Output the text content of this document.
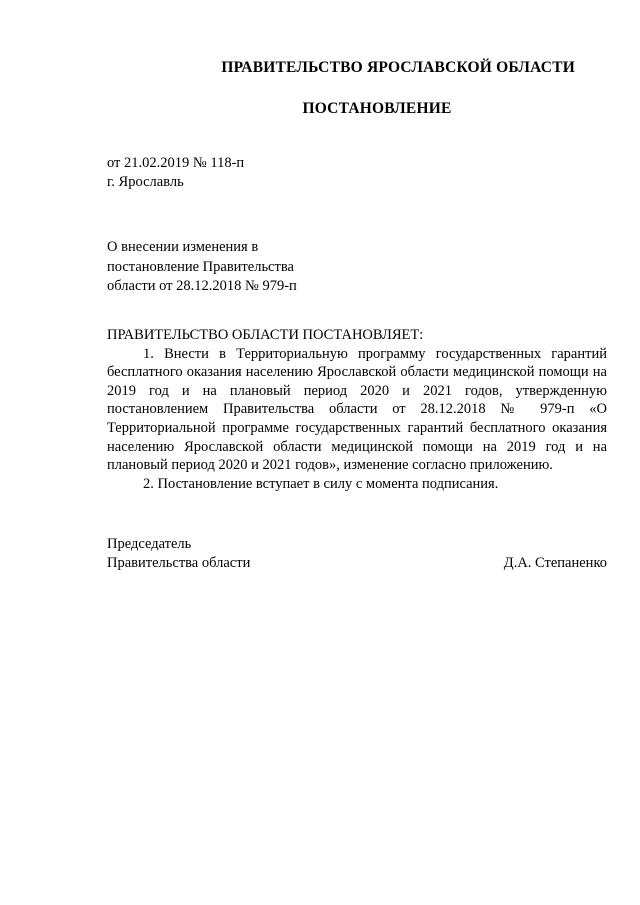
ПРАВИТЕЛЬСТВО ЯРОСЛАВСКОЙ ОБЛАСТИ
ПОСТАНОВЛЕНИЕ
от 21.02.2019 № 118-п
г. Ярославль
О внесении изменения в
постановление Правительства
области от 28.12.2018 № 979-п

ПРАВИТЕЛЬСТВО ОБЛАСТИ ПОСТАНОВЛЯЕТ:

1. Внести в Территориальную программу государственных гарантий бесплатного оказания населению Ярославской области медицинской помощи на 2019 год и на плановый период 2020 и 2021 годов, утвержденную постановлением Правительства области от 28.12.2018 № 979-п «О Территориальной программе государственных гарантий бесплатного оказания населению Ярославской области медицинской помощи на 2019 год и на плановый период 2020 и 2021 годов», изменение согласно приложению.

2. Постановление вступает в силу с момента подписания.

Председатель
Правительства области	Д.А. Степаненко
